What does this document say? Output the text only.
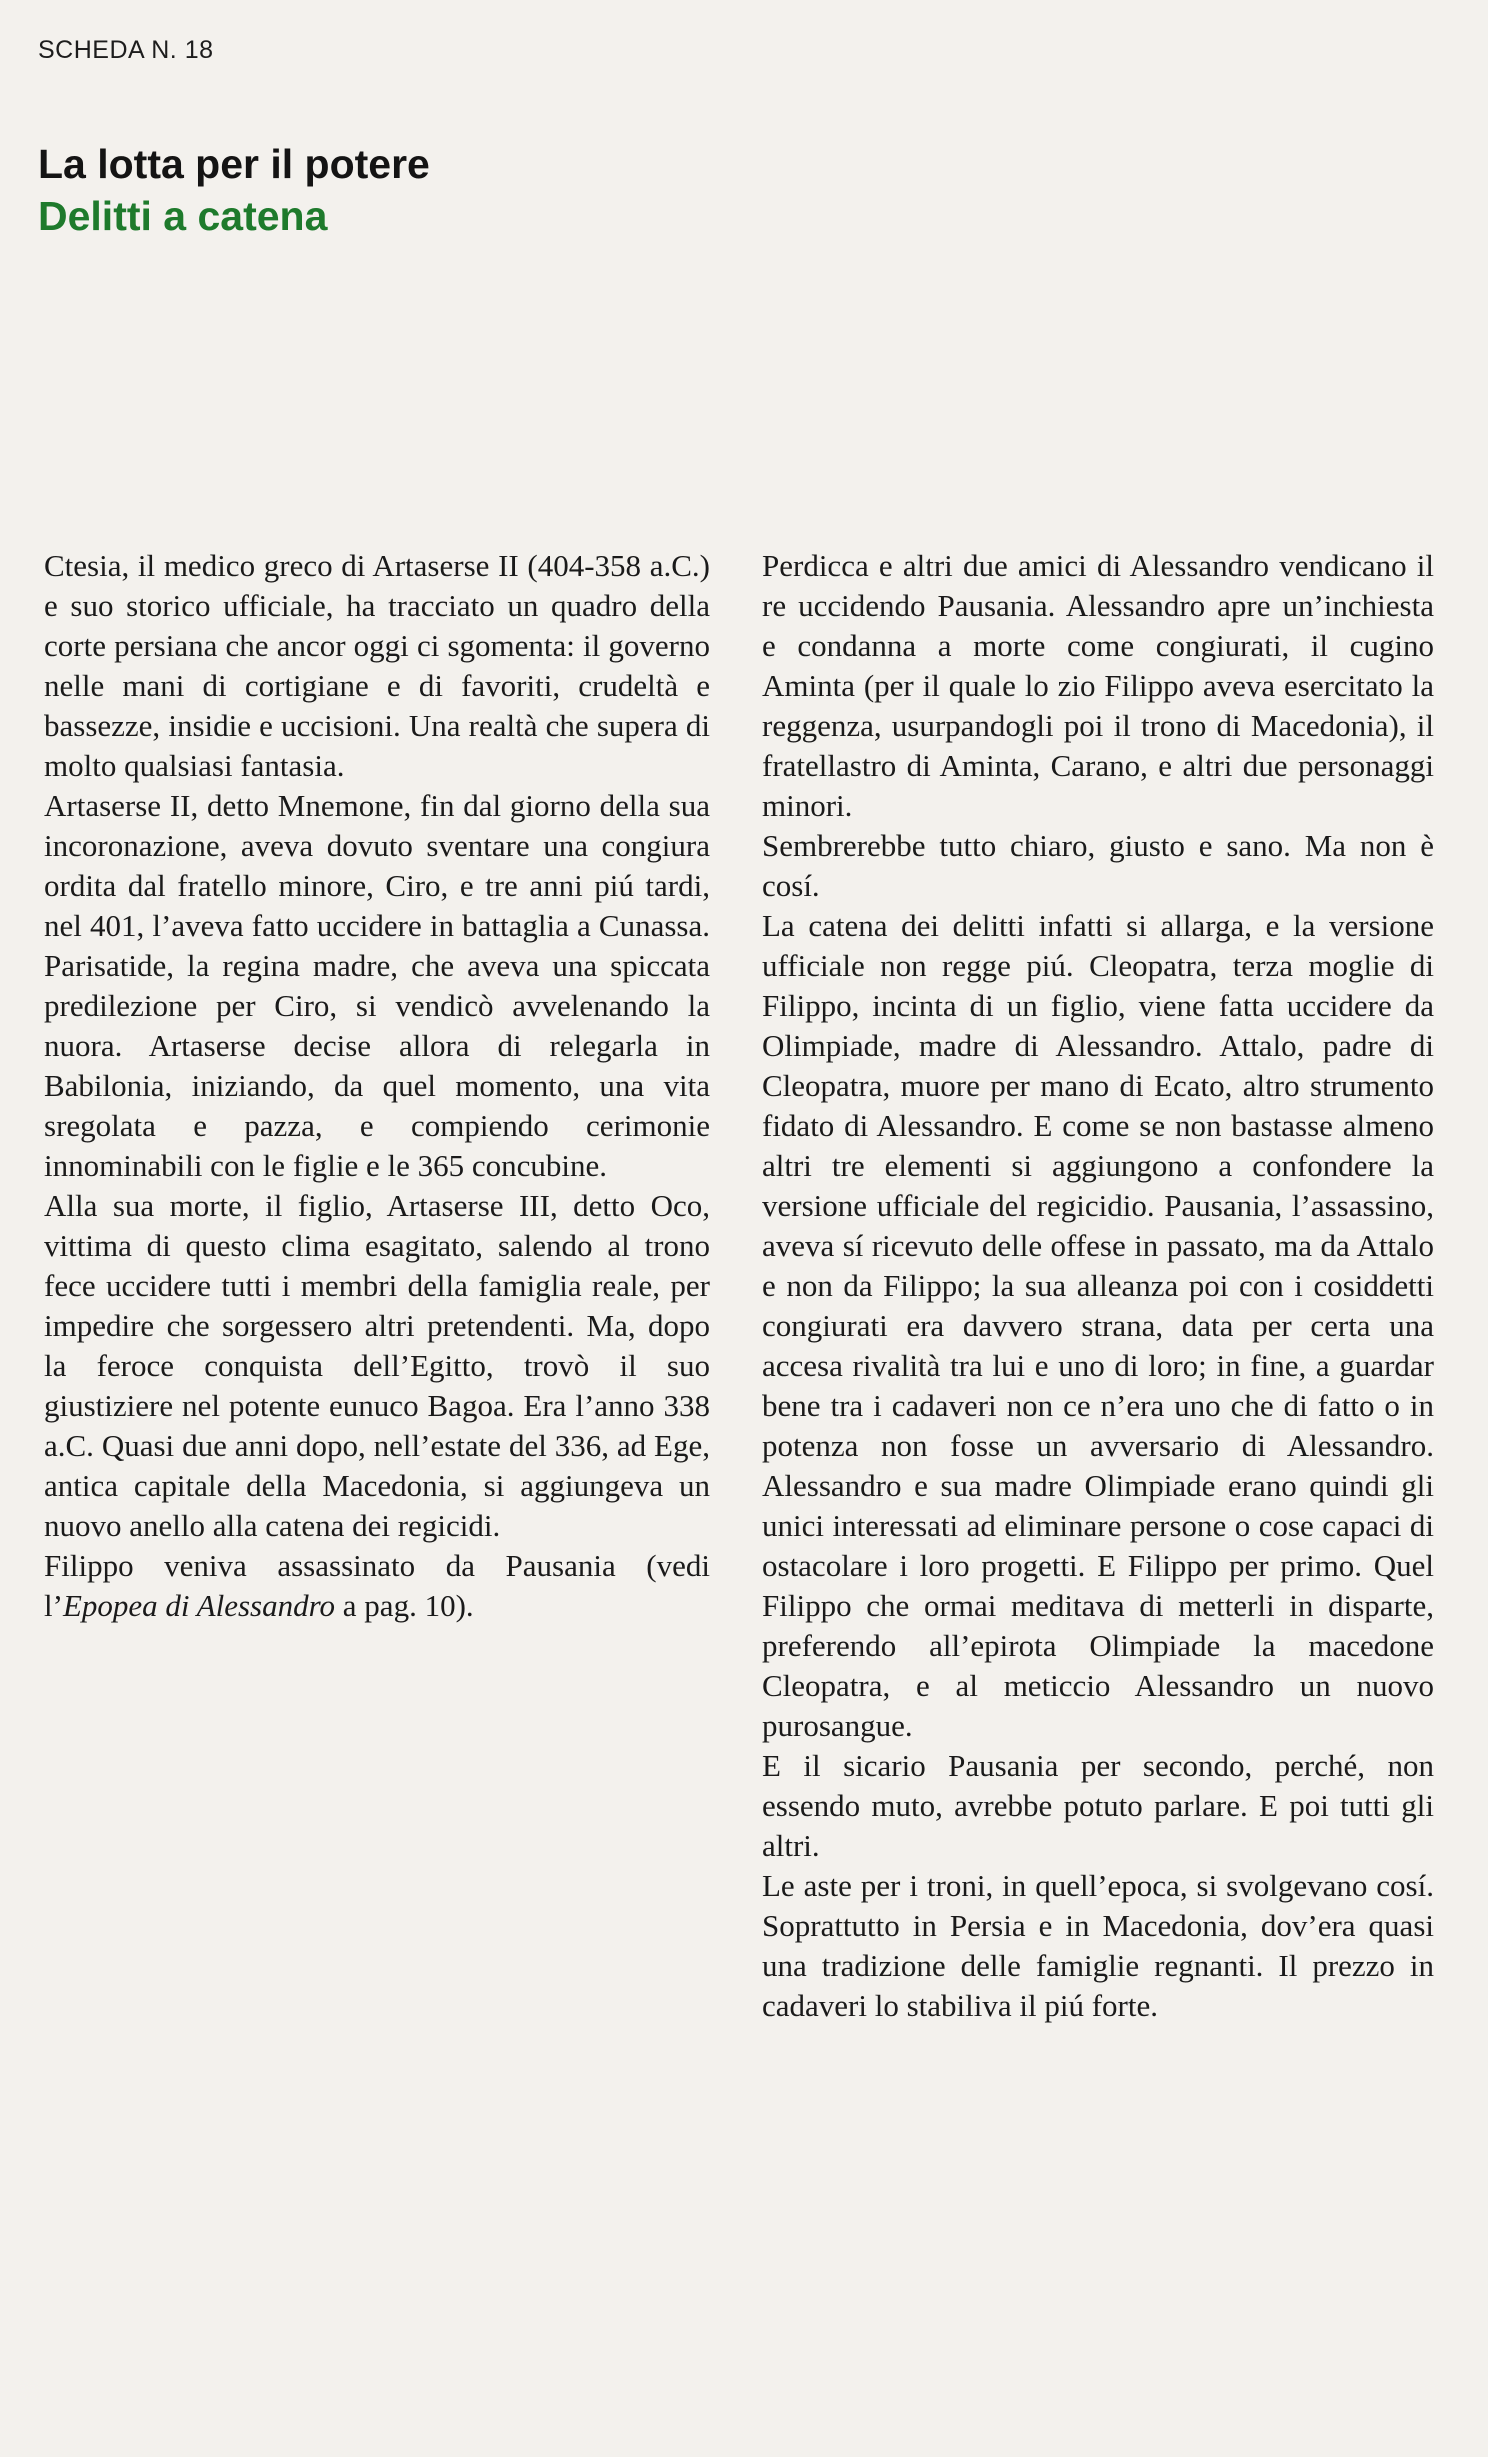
SCHEDA N. 18
La lotta per il potere
Delitti a catena

Ctesia, il medico greco di Artaserse II (404-358 a.C.) e suo storico ufficiale, ha tracciato un quadro della corte persiana che ancor oggi ci sgomenta: il governo nelle mani di cortigiane e di favoriti, crudeltà e bassezze, insidie e uccisioni. Una realtà che supera di molto qualsiasi fantasia.

Artaserse II, detto Mnemone, fin dal giorno della sua incoronazione, aveva dovuto sventare una congiura ordita dal fratello minore, Ciro, e tre anni piú tardi, nel 401, l’aveva fatto uccidere in battaglia a Cunassa. Parisatide, la regina madre, che aveva una spiccata predilezione per Ciro, si vendicò avvelenando la nuora. Artaserse decise allora di relegarla in Babilonia, iniziando, da quel momento, una vita sregolata e pazza, e compiendo cerimonie innominabili con le figlie e le 365 concubine.

Alla sua morte, il figlio, Artaserse III, detto Oco, vittima di questo clima esagitato, salendo al trono fece uccidere tutti i membri della famiglia reale, per impedire che sorgessero altri pretendenti. Ma, dopo la feroce conquista dell’Egitto, trovò il suo giustiziere nel potente eunuco Bagoa. Era l’anno 338 a.C. Quasi due anni dopo, nell’estate del 336, ad Ege, antica capitale della Macedonia, si aggiungeva un nuovo anello alla catena dei regicidi.

Filippo veniva assassinato da Pausania (vedi l’Epopea di Alessandro a pag. 10).

Perdicca e altri due amici di Alessandro vendicano il re uccidendo Pausania. Alessandro apre un’inchiesta e condanna a morte come congiurati, il cugino Aminta (per il quale lo zio Filippo aveva esercitato la reggenza, usurpandogli poi il trono di Macedonia), il fratellastro di Aminta, Carano, e altri due personaggi minori.

Sembrerebbe tutto chiaro, giusto e sano. Ma non è cosí.

La catena dei delitti infatti si allarga, e la versione ufficiale non regge piú. Cleopatra, terza moglie di Filippo, incinta di un figlio, viene fatta uccidere da Olimpiade, madre di Alessandro. Attalo, padre di Cleopatra, muore per mano di Ecato, altro strumento fidato di Alessandro. E come se non bastasse almeno altri tre elementi si aggiungono a confondere la versione ufficiale del regicidio. Pausania, l’assassino, aveva sí ricevuto delle offese in passato, ma da Attalo e non da Filippo; la sua alleanza poi con i cosiddetti congiurati era davvero strana, data per certa una accesa rivalità tra lui e uno di loro; in fine, a guardar bene tra i cadaveri non ce n’era uno che di fatto o in potenza non fosse un avversario di Alessandro. Alessandro e sua madre Olimpiade erano quindi gli unici interessati ad eliminare persone o cose capaci di ostacolare i loro progetti. E Filippo per primo. Quel Filippo che ormai meditava di metterli in disparte, preferendo all’epirota Olimpiade la macedone Cleopatra, e al meticcio Alessandro un nuovo purosangue.

E il sicario Pausania per secondo, perché, non essendo muto, avrebbe potuto parlare. E poi tutti gli altri.

Le aste per i troni, in quell’epoca, si svolgevano cosí. Soprattutto in Persia e in Macedonia, dov’era quasi una tradizione delle famiglie regnanti. Il prezzo in cadaveri lo stabiliva il piú forte.
